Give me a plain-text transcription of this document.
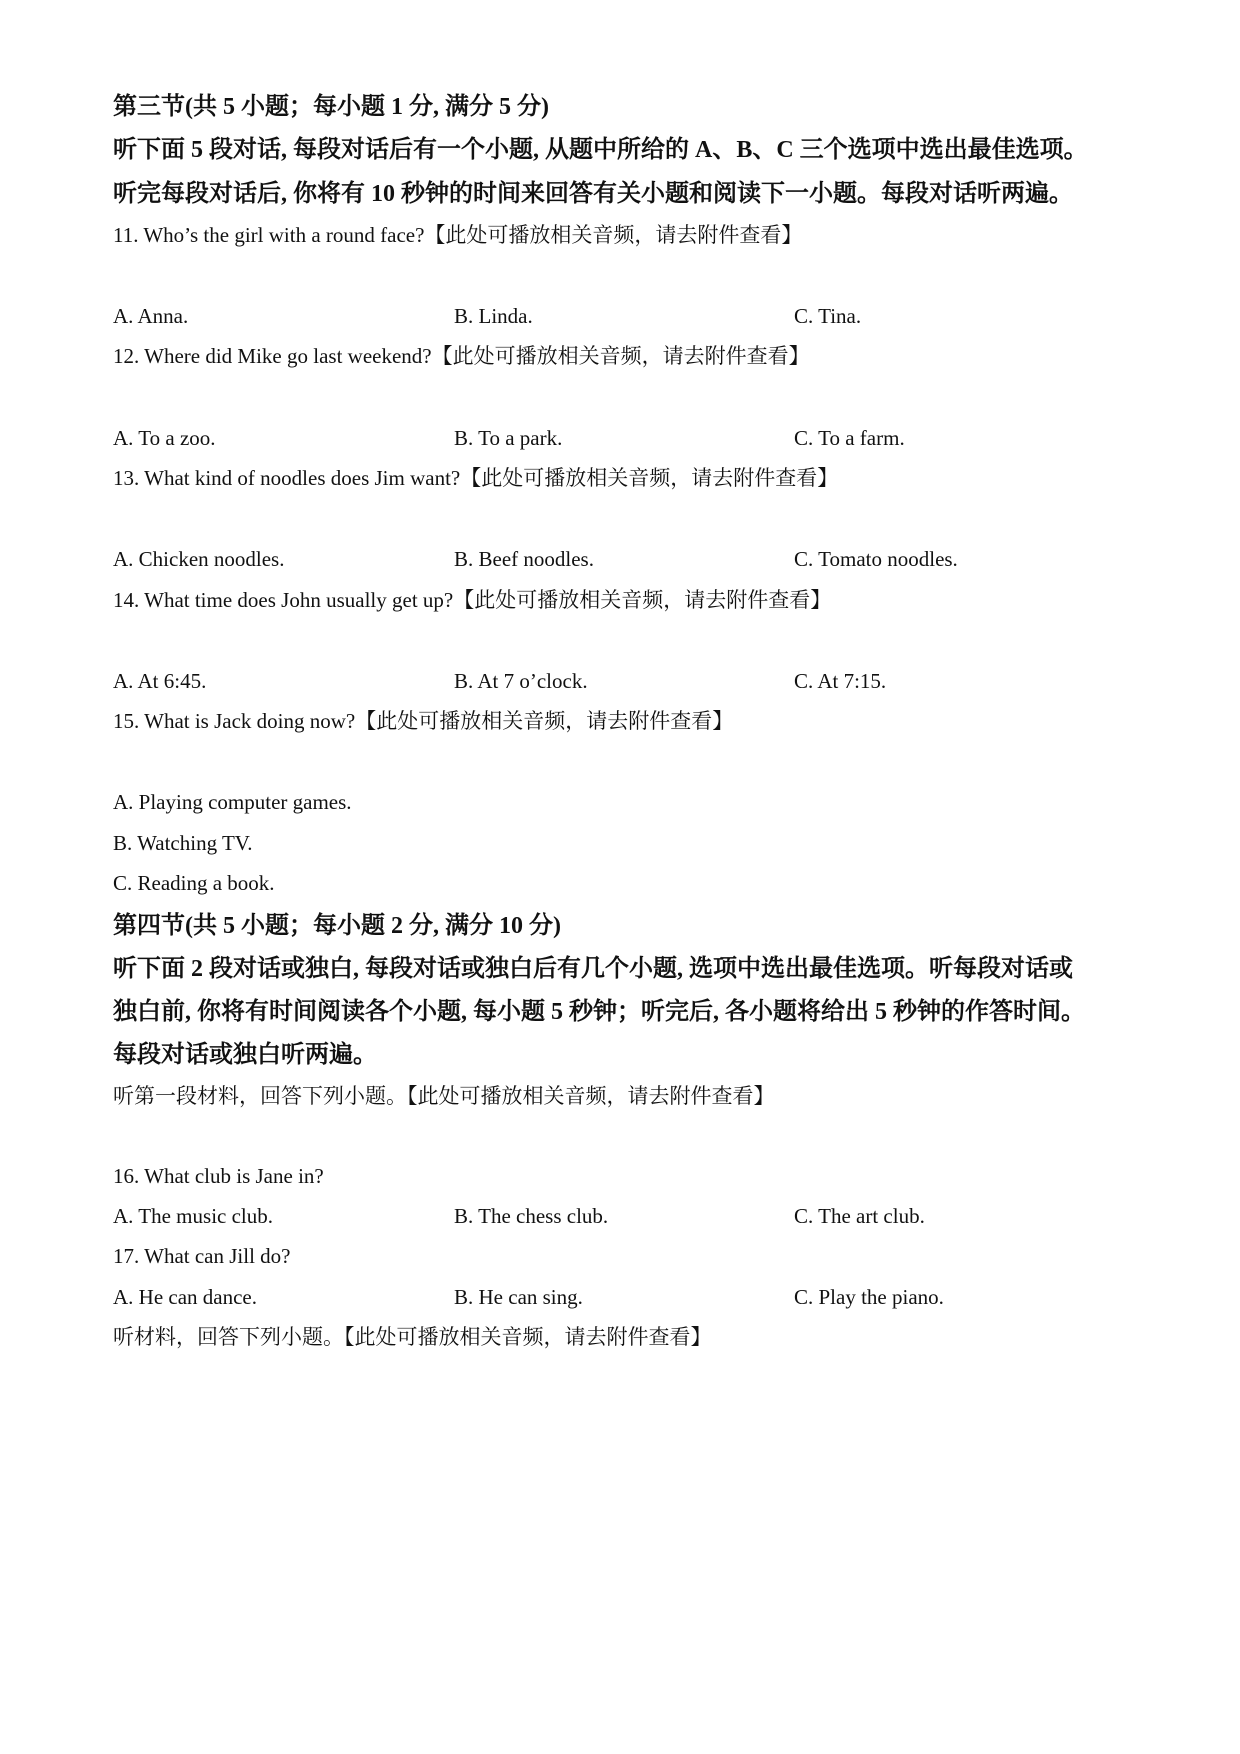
第三节(共 5 小题；每小题 1 分, 满分 5 分)
听下面 5 段对话, 每段对话后有一个小题, 从题中所给的 A、B、C 三个选项中选出最佳选项。
听完每段对话后, 你将有 10 秒钟的时间来回答有关小题和阅读下一小题。每段对话听两遍。
11. Who’s the girl with a round face?【此处可播放相关音频，请去附件查看】
A. Anna.	B. Linda.	C. Tina.
12. Where did Mike go last weekend?【此处可播放相关音频，请去附件查看】
A. To a zoo.	B. To a park.	C. To a farm.
13. What kind of noodles does Jim want?【此处可播放相关音频，请去附件查看】
A. Chicken noodles.	B. Beef noodles.	C. Tomato noodles.
14. What time does John usually get up?【此处可播放相关音频，请去附件查看】
A. At 6:45.	B. At 7 o’clock.	C. At 7:15.
15. What is Jack doing now?【此处可播放相关音频，请去附件查看】
A. Playing computer games.
B. Watching TV.
C. Reading a book.
第四节(共 5 小题；每小题 2 分, 满分 10 分)
听下面 2 段对话或独白, 每段对话或独白后有几个小题, 选项中选出最佳选项。听每段对话或
独白前, 你将有时间阅读各个小题, 每小题 5 秒钟；听完后, 各小题将给出 5 秒钟的作答时间。
每段对话或独白听两遍。
听第一段材料，回答下列小题。【此处可播放相关音频，请去附件查看】
16. What club is Jane in?
A. The music club.	B. The chess club.	C. The art club.
17. What can Jill do?
A. He can dance.	B. He can sing.	C. Play the piano.
听材料，回答下列小题。【此处可播放相关音频，请去附件查看】
